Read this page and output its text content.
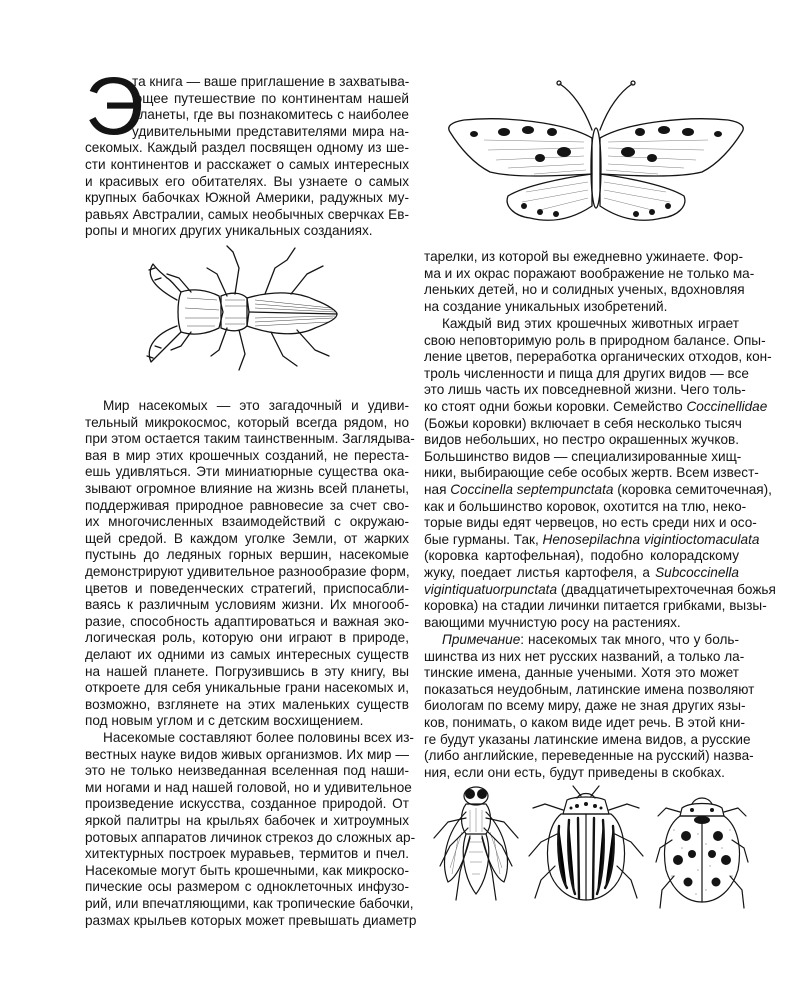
Э
та книга — ваше приглашение в захватыва-
ющее путешествие по континентам нашей
планеты, где вы познакомитесь с наиболее
удивительными представителями мира на-
секомых. Каждый раздел посвящен одному из ше-
сти континентов и расскажет о самых интересных
и красивых его обитателях. Вы узнаете о самых
крупных бабочках Южной Америки, радужных му-
равьях Австралии, самых необычных сверчках Ев-
ропы и многих других уникальных созданиях.
Мир насекомых — это загадочный и удиви-
тельный микрокосмос, который всегда рядом, но
при этом остается таким таинственным. Заглядыва-
вая в мир этих крошечных созданий, не переста-
ешь удивляться. Эти миниатюрные существа ока-
зывают огромное влияние на жизнь всей планеты,
поддерживая природное равновесие за счет сво-
их многочисленных взаимодействий с окружаю-
щей средой. В каждом уголке Земли, от жарких
пустынь до ледяных горных вершин, насекомые
демонстрируют удивительное разнообразие форм,
цветов и поведенческих стратегий, приспосабли-
ваясь к различным условиям жизни. Их многооб-
разие, способность адаптироваться и важная эко-
логическая роль, которую они играют в природе,
делают их одними из самых интересных существ
на нашей планете. Погрузившись в эту книгу, вы
откроете для себя уникальные грани насекомых и,
возможно, взглянете на этих маленьких существ
под новым углом и с детским восхищением.
Насекомые составляют более половины всех из-
вестных науке видов живых организмов. Их мир —
это не только неизведанная вселенная под наши-
ми ногами и над нашей головой, но и удивительное
произведение искусства, созданное природой. От
яркой палитры на крыльях бабочек и хитроумных
ротовых аппаратов личинок стрекоз до сложных ар-
хитектурных построек муравьев, термитов и пчел.
Насекомые могут быть крошечными, как микроско-
пические осы размером с одноклеточных инфузо-
рий, или впечатляющими, как тропические бабочки,
размах крыльев которых может превышать диаметр
тарелки, из которой вы ежедневно ужинаете. Фор-
ма и их окрас поражают воображение не только ма-
леньких детей, но и солидных ученых, вдохновляя
на создание уникальных изобретений.
Каждый вид этих крошечных животных играет
свою неповторимую роль в природном балансе. Опы-
ление цветов, переработка органических отходов, кон-
троль численности и пища для других видов — все
это лишь часть их повседневной жизни. Чего толь-
ко стоят одни божьи коровки. Семейство Coccinellidae
(Божьи коровки) включает в себя несколько тысяч
видов небольших, но пестро окрашенных жучков.
Большинство видов — специализированные хищ-
ники, выбирающие себе особых жертв. Всем извест-
ная Coccinella septempunctata (коровка семиточечная),
как и большинство коровок, охотится на тлю, неко-
торые виды едят червецов, но есть среди них и осо-
бые гурманы. Так, Henosepilachna vigintioctomaculata
(коровка картофельная), подобно колорадскому
жуку, поедает листья картофеля, а Subcoccinella
vigintiquatuorpunctata (двадцатичетырехточечная божья
коровка) на стадии личинки питается грибками, вызы-
вающими мучнистую росу на растениях.
Примечание: насекомых так много, что у боль-
шинства из них нет русских названий, а только ла-
тинские имена, данные учеными. Хотя это может
показаться неудобным, латинские имена позволяют
биологам по всему миру, даже не зная других язы-
ков, понимать, о каком виде идет речь. В этой кни-
ге будут указаны латинские имена видов, а русские
(либо английские, переведенные на русский) назва-
ния, если они есть, будут приведены в скобках.
